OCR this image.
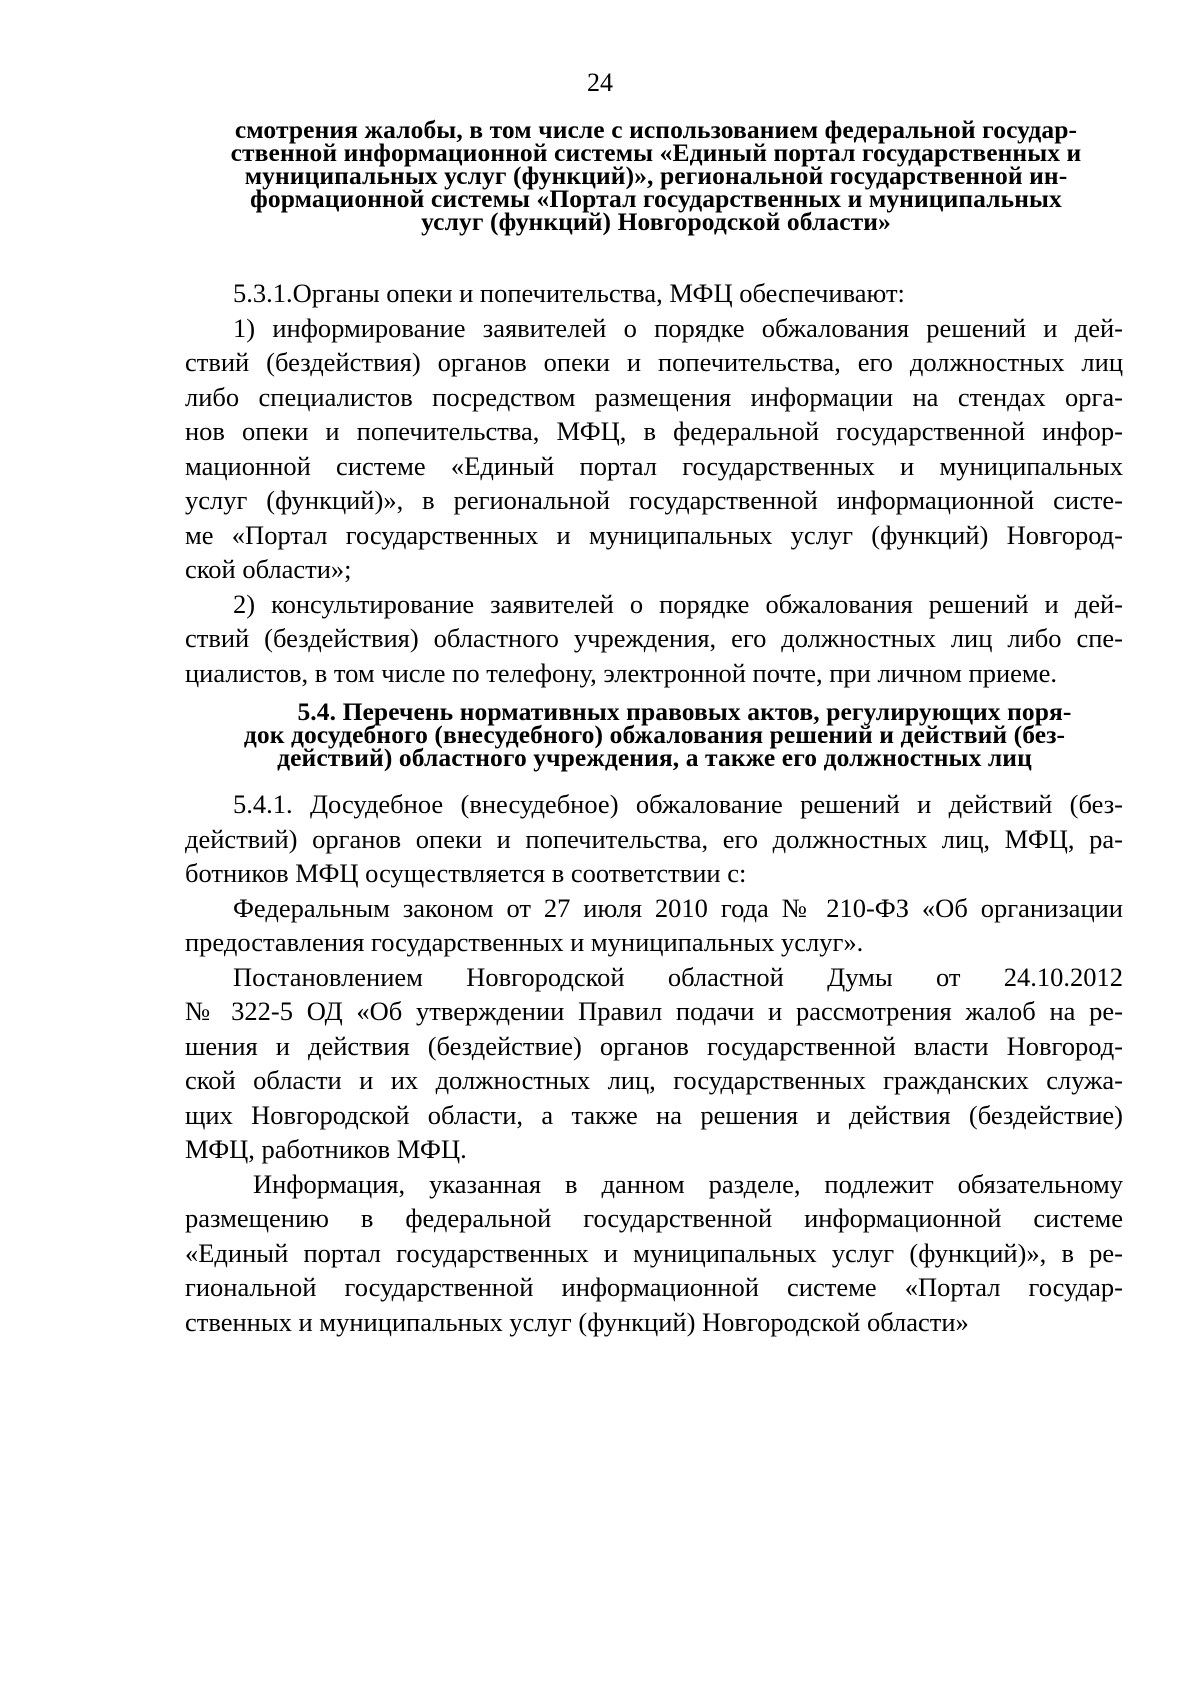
24
смотрения жалобы, в том числе с использованием федеральной государ-
ственной информационной системы «Единый портал государственных и
муниципальных услуг (функций)», региональной государственной ин-
формационной системы «Портал государственных и муниципальных
услуг (функций) Новгородской области»
5.3.1.Органы опеки и попечительства, МФЦ обеспечивают:
1) информирование заявителей о порядке обжалования решений и дей-
ствий (бездействия) органов опеки и попечительства, его должностных лиц
либо специалистов посредством размещения информации на стендах орга-
нов опеки и попечительства, МФЦ, в федеральной государственной инфор-
мационной системе «Единый портал государственных и муниципальных
услуг (функций)», в региональной государственной информационной систе-
ме «Портал государственных и муниципальных услуг (функций) Новгород-
ской области»;
2) консультирование заявителей о порядке обжалования решений и дей-
ствий (бездействия) областного учреждения, его должностных лиц либо спе-
циалистов, в том числе по телефону, электронной почте, при личном приеме.
5.4. Перечень нормативных правовых актов, регулирующих поря-
док досудебного (внесудебного) обжалования решений и действий (без-
действий) областного учреждения, а также его должностных лиц
5.4.1. Досудебное (внесудебное) обжалование решений и действий (без-
действий) органов опеки и попечительства, его должностных лиц, МФЦ, ра-
ботников МФЦ осуществляется в соответствии с:
Федеральным законом от 27 июля 2010 года № 210-ФЗ «Об организации
предоставления государственных и муниципальных услуг».
Постановлением Новгородской областной Думы от 24.10.2012
№ 322-5 ОД «Об утверждении Правил подачи и рассмотрения жалоб на ре-
шения и действия (бездействие) органов государственной власти Новгород-
ской области и их должностных лиц, государственных гражданских служа-
щих Новгородской области, а также на решения и действия (бездействие)
МФЦ, работников МФЦ.
Информация, указанная в данном разделе, подлежит обязательному
размещению в федеральной государственной информационной системе
«Единый портал государственных и муниципальных услуг (функций)», в ре-
гиональной государственной информационной системе «Портал государ-
ственных и муниципальных услуг (функций) Новгородской области»
